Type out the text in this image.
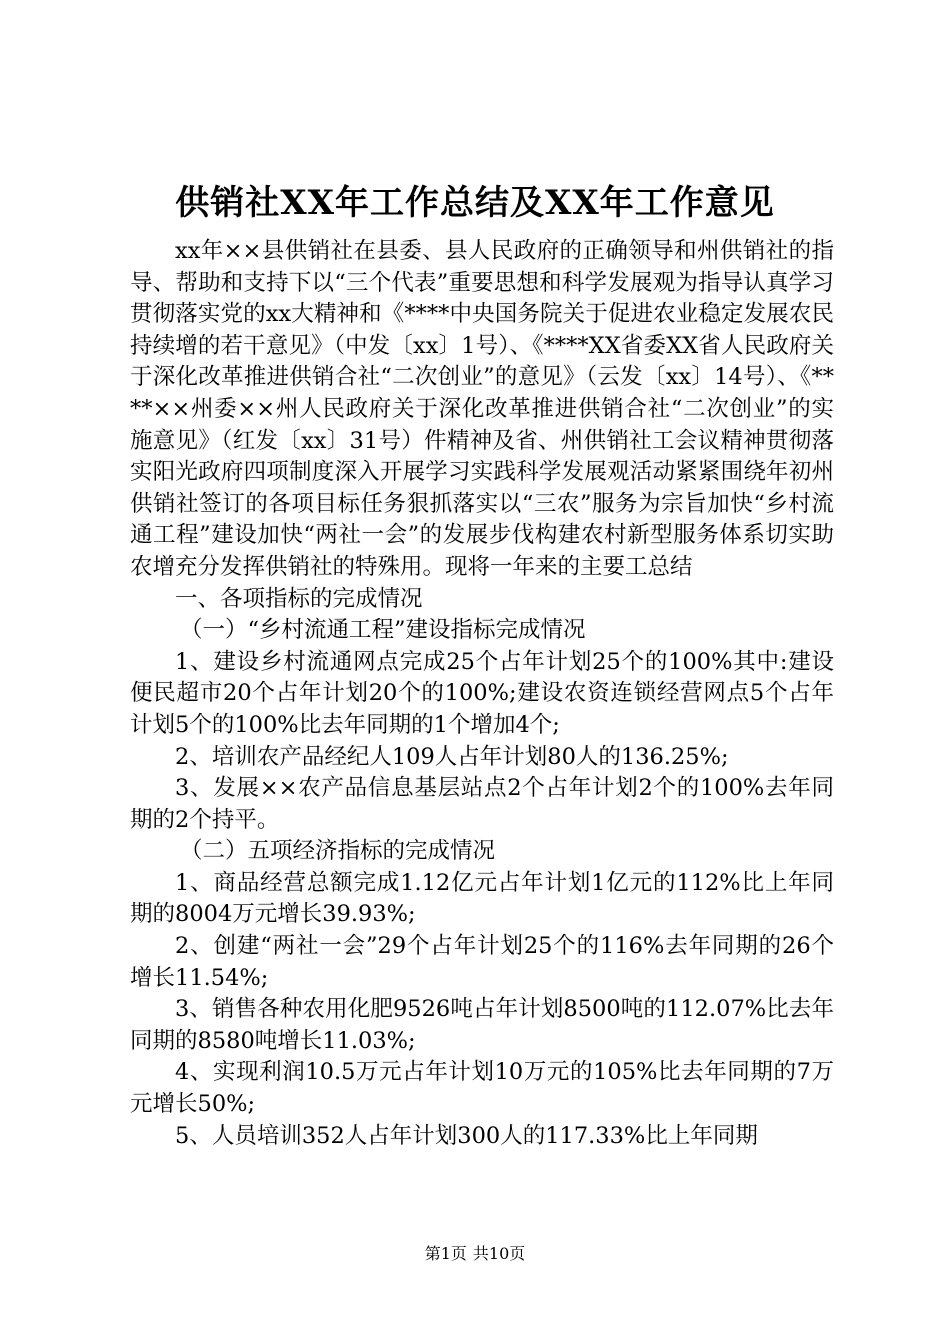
供销社XX年工作总结及XX年工作意见

xx年××县供销社在县委、县人民政府的正确领导和州供销社的指导、帮助和支持下以“三个代表”重要思想和科学发展观为指导认真学习贯彻落实党的xx大精神和《****中央国务院关于促进农业稳定发展农民持续增的若干意见》（中发〔xx〕1号）、《****XX省委XX省人民政府关于深化改革推进供销合社“二次创业”的意见》（云发〔xx〕14号）、《****××州委××州人民政府关于深化改革推进供销合社“二次创业”的实施意见》（红发〔xx〕31号）件精神及省、州供销社工会议精神贯彻落实阳光政府四项制度深入开展学习实践科学发展观活动紧紧围绕年初州供销社签订的各项目标任务狠抓落实以“三农”服务为宗旨加快“乡村流通工程”建设加快“两社一会”的发展步伐构建农村新型服务体系切实助农增充分发挥供销社的特殊用。现将一年来的主要工总结

一、各项指标的完成情况

（一）“乡村流通工程”建设指标完成情况

1、建设乡村流通网点完成25个占年计划25个的100%其中:建设便民超市20个占年计划20个的100%;建设农资连锁经营网点5个占年计划5个的100%比去年同期的1个增加4个;

2、培训农产品经纪人109人占年计划80人的136.25%;

3、发展××农产品信息基层站点2个占年计划2个的100%去年同期的2个持平。

（二）五项经济指标的完成情况

1、商品经营总额完成1.12亿元占年计划1亿元的112%比上年同期的8004万元增长39.93%;

2、创建“两社一会”29个占年计划25个的116%去年同期的26个增长11.54%;

3、销售各种农用化肥9526吨占年计划8500吨的112.07%比去年同期的8580吨增长11.03%;

4、实现利润10.5万元占年计划10万元的105%比去年同期的7万元增长50%;

5、人员培训352人占年计划300人的117.33%比上年同期

第1页 共10页
